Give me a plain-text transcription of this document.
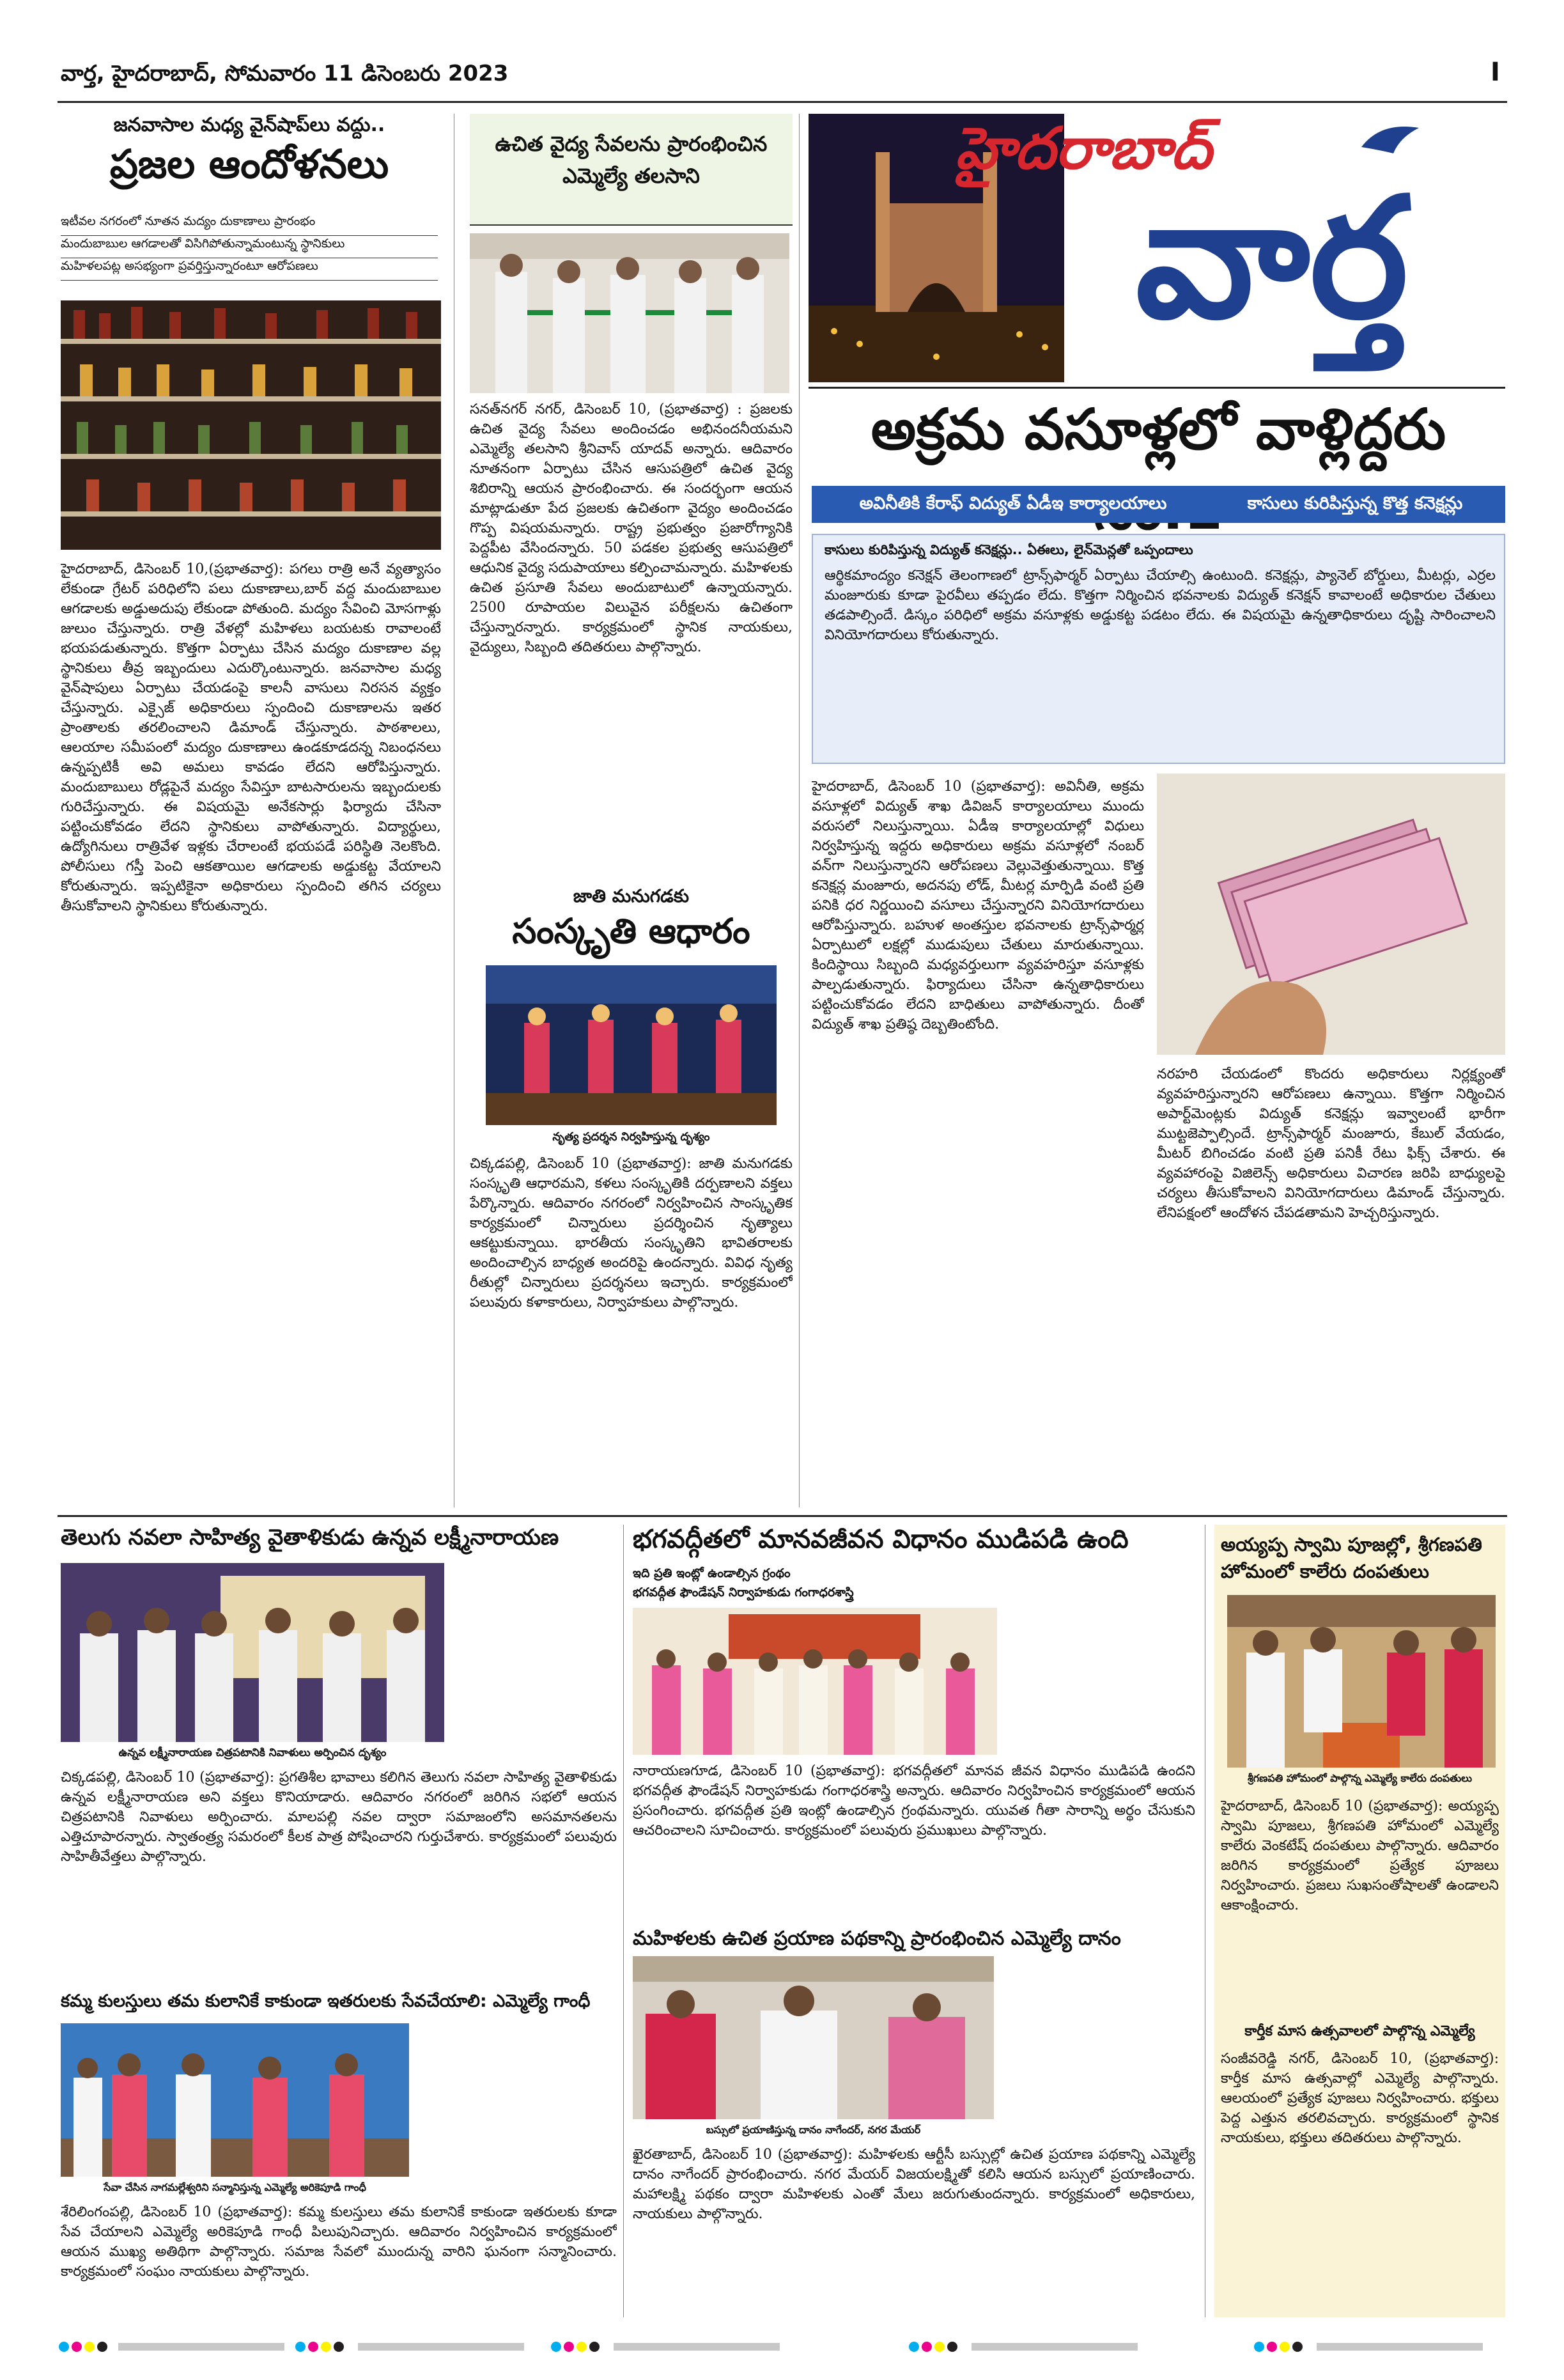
వార్త, హైదరాబాద్, సోమవారం 11 డిసెంబరు 2023	I
జనవాసాల మధ్య వైన్‌షాప్‌లు వద్దు..
ప్రజల ఆందోళనలు
ఇటీవల నగరంలో నూతన మద్యం దుకాణాలు ప్రారంభం
మందుబాబుల ఆగడాలతో విసిగిపోతున్నామంటున్న స్థానికులు
మహిళలపట్ల అసభ్యంగా ప్రవర్తిస్తున్నారంటూ ఆరోపణలు
హైదరాబాద్, డిసెంబర్ 10,(ప్రభాతవార్త): పగలు రాత్రి అనే వ్యత్యాసం లేకుండా గ్రేటర్ పరిధిలోని పలు దుకాణాలు,బార్ వద్ద మందుబాబుల ఆగడాలకు అడ్డుఅదుపు లేకుండా పోతుంది. మద్యం సేవించి మోసగాళ్లు జులుం చేస్తున్నారు. రాత్రి వేళల్లో మహిళలు బయటకు రావాలంటే భయపడుతున్నారు. కొత్తగా ఏర్పాటు చేసిన మద్యం దుకాణాల వల్ల స్థానికులు తీవ్ర ఇబ్బందులు ఎదుర్కొంటున్నారు. జనవాసాల మధ్య వైన్‌షాపులు ఏర్పాటు చేయడంపై కాలనీ వాసులు నిరసన వ్యక్తం చేస్తున్నారు. ఎక్సైజ్ అధికారులు స్పందించి దుకాణాలను ఇతర ప్రాంతాలకు తరలించాలని డిమాండ్ చేస్తున్నారు. పాఠశాలలు, ఆలయాల సమీపంలో మద్యం దుకాణాలు ఉండకూడదన్న నిబంధనలు ఉన్నప్పటికీ అవి అమలు కావడం లేదని ఆరోపిస్తున్నారు. మందుబాబులు రోడ్లపైనే మద్యం సేవిస్తూ బాటసారులను ఇబ్బందులకు గురిచేస్తున్నారు. ఈ విషయమై అనేకసార్లు ఫిర్యాదు చేసినా పట్టించుకోవడం లేదని స్థానికులు వాపోతున్నారు. విద్యార్థులు, ఉద్యోగినులు రాత్రివేళ ఇళ్లకు చేరాలంటే భయపడే పరిస్థితి నెలకొంది. పోలీసులు గస్తీ పెంచి ఆకతాయిల ఆగడాలకు అడ్డుకట్ట వేయాలని కోరుతున్నారు. ఇప్పటికైనా అధికారులు స్పందించి తగిన చర్యలు తీసుకోవాలని స్థానికులు కోరుతున్నారు.
ఉచిత వైద్య సేవలను ప్రారంభించిన ఎమ్మెల్యే తలసాని
సనత్‌నగర్ నగర్, డిసెంబర్ 10, (ప్రభాతవార్త) : ప్రజలకు ఉచిత వైద్య సేవలు అందించడం అభినందనీయమని ఎమ్మెల్యే తలసాని శ్రీనివాస్ యాదవ్ అన్నారు. ఆదివారం నూతనంగా ఏర్పాటు చేసిన ఆసుపత్రిలో ఉచిత వైద్య శిబిరాన్ని ఆయన ప్రారంభించారు. ఈ సందర్భంగా ఆయన మాట్లాడుతూ పేద ప్రజలకు ఉచితంగా వైద్యం అందించడం గొప్ప విషయమన్నారు. రాష్ట్ర ప్రభుత్వం ప్రజారోగ్యానికి పెద్దపీట వేసిందన్నారు. 50 పడకల ప్రభుత్వ ఆసుపత్రిలో ఆధునిక వైద్య సదుపాయాలు కల్పించామన్నారు. మహిళలకు ఉచిత ప్రసూతి సేవలు అందుబాటులో ఉన్నాయన్నారు. 2500 రూపాయల విలువైన పరీక్షలను ఉచితంగా చేస్తున్నారన్నారు. కార్యక్రమంలో స్థానిక నాయకులు, వైద్యులు, సిబ్బంది తదితరులు పాల్గొన్నారు.
జాతి మనుగడకు
సంస్కృతి ఆధారం
నృత్య ప్రదర్శన నిర్వహిస్తున్న దృశ్యం
చిక్కడపల్లి, డిసెంబర్ 10 (ప్రభాతవార్త): జాతి మనుగడకు సంస్కృతి ఆధారమని, కళలు సంస్కృతికి దర్పణాలని వక్తలు పేర్కొన్నారు. ఆదివారం నగరంలో నిర్వహించిన సాంస్కృతిక కార్యక్రమంలో చిన్నారులు ప్రదర్శించిన నృత్యాలు ఆకట్టుకున్నాయి. భారతీయ సంస్కృతిని భావితరాలకు అందించాల్సిన బాధ్యత అందరిపై ఉందన్నారు. వివిధ నృత్య రీతుల్లో చిన్నారులు ప్రదర్శనలు ఇచ్చారు. కార్యక్రమంలో పలువురు కళాకారులు, నిర్వాహకులు పాల్గొన్నారు.
హైదరాబాద్
వార్త
అక్రమ వసూళ్లలో వాళ్లిద్దరు
అవినీతికి కేరాఫ్ విద్యుత్ ఏడీఇ కార్యాలయాలు	కాసులు కురిపిస్తున్న కొత్త కనెక్షన్లు
కాసులు కురిపిస్తున్న విద్యుత్ కనెక్షన్లు.. ఏఈలు, లైన్‌మెన్లతో ఒప్పందాలు
ఆర్థికమాంద్యం కనెక్షన్ తెలంగాణలో ట్రాన్స్‌ఫార్మర్ ఏర్పాటు చేయాల్సి ఉంటుంది. కనెక్షన్లు, ప్యానెల్ బోర్డులు, మీటర్లు, ఎర్రల మంజూరుకు కూడా పైరవీలు తప్పడం లేదు. కొత్తగా నిర్మించిన భవనాలకు విద్యుత్ కనెక్షన్ కావాలంటే అధికారుల చేతులు తడపాల్సిందే. డిస్కం పరిధిలో అక్రమ వసూళ్లకు అడ్డుకట్ట పడటం లేదు. ఈ విషయమై ఉన్నతాధికారులు దృష్టి సారించాలని వినియోగదారులు కోరుతున్నారు.
హైదరాబాద్, డిసెంబర్ 10 (ప్రభాతవార్త): అవినీతి, అక్రమ వసూళ్లలో విద్యుత్ శాఖ డివిజన్ కార్యాలయాలు ముందు వరుసలో నిలుస్తున్నాయి. ఏడీఇ కార్యాలయాల్లో విధులు నిర్వహిస్తున్న ఇద్దరు అధికారులు అక్రమ వసూళ్లలో నంబర్ వన్‌గా నిలుస్తున్నారని ఆరోపణలు వెల్లువెత్తుతున్నాయి. కొత్త కనెక్షన్ల మంజూరు, అదనపు లోడ్, మీటర్ల మార్పిడి వంటి ప్రతి పనికి ధర నిర్ణయించి వసూలు చేస్తున్నారని వినియోగదారులు ఆరోపిస్తున్నారు. బహుళ అంతస్తుల భవనాలకు ట్రాన్స్‌ఫార్మర్ల ఏర్పాటులో లక్షల్లో ముడుపులు చేతులు మారుతున్నాయి. కిందిస్థాయి సిబ్బంది మధ్యవర్తులుగా వ్యవహరిస్తూ వసూళ్లకు పాల్పడుతున్నారు. ఫిర్యాదులు చేసినా ఉన్నతాధికారులు పట్టించుకోవడం లేదని బాధితులు వాపోతున్నారు. దీంతో విద్యుత్ శాఖ ప్రతిష్ఠ దెబ్బతింటోంది.
నరహరి చేయడంలో కొందరు అధికారులు నిర్లక్ష్యంతో వ్యవహరిస్తున్నారని ఆరోపణలు ఉన్నాయి. కొత్తగా నిర్మించిన అపార్ట్‌మెంట్లకు విద్యుత్ కనెక్షన్లు ఇవ్వాలంటే భారీగా ముట్టజెప్పాల్సిందే. ట్రాన్స్‌ఫార్మర్ మంజూరు, కేబుల్ వేయడం, మీటర్ బిగించడం వంటి ప్రతి పనికీ రేటు ఫిక్స్ చేశారు. ఈ వ్యవహారంపై విజిలెన్స్ అధికారులు విచారణ జరిపి బాధ్యులపై చర్యలు తీసుకోవాలని వినియోగదారులు డిమాండ్ చేస్తున్నారు. లేనిపక్షంలో ఆందోళన చేపడతామని హెచ్చరిస్తున్నారు.
తెలుగు నవలా సాహిత్య వైతాళికుడు ఉన్నవ లక్ష్మీనారాయణ
ఉన్నవ లక్ష్మీనారాయణ చిత్రపటానికి నివాళులు అర్పించిన దృశ్యం
చిక్కడపల్లి, డిసెంబర్ 10 (ప్రభాతవార్త): ప్రగతిశీల భావాలు కలిగిన తెలుగు నవలా సాహిత్య వైతాళికుడు ఉన్నవ లక్ష్మీనారాయణ అని వక్తలు కొనియాడారు. ఆదివారం నగరంలో జరిగిన సభలో ఆయన చిత్రపటానికి నివాళులు అర్పించారు. మాలపల్లి నవల ద్వారా సమాజంలోని అసమానతలను ఎత్తిచూపారన్నారు. స్వాతంత్ర్య సమరంలో కీలక పాత్ర పోషించారని గుర్తుచేశారు. కార్యక్రమంలో పలువురు సాహితీవేత్తలు పాల్గొన్నారు.
కమ్మ కులస్తులు తమ కులానికే కాకుండా ఇతరులకు సేవచేయాలి: ఎమ్మెల్యే గాంధీ
సేవా చేసిన నాగమల్లేశ్వరిని సన్మానిస్తున్న ఎమ్మెల్యే అరికెపూడి గాంధీ
శేరిలింగంపల్లి, డిసెంబర్ 10 (ప్రభాతవార్త): కమ్మ కులస్తులు తమ కులానికే కాకుండా ఇతరులకు కూడా సేవ చేయాలని ఎమ్మెల్యే అరికెపూడి గాంధీ పిలుపునిచ్చారు. ఆదివారం నిర్వహించిన కార్యక్రమంలో ఆయన ముఖ్య అతిథిగా పాల్గొన్నారు. సమాజ సేవలో ముందున్న వారిని ఘనంగా సన్మానించారు. కార్యక్రమంలో సంఘం నాయకులు పాల్గొన్నారు.
భగవద్గీతలో మానవజీవన విధానం ముడిపడి ఉంది
ఇది ప్రతి ఇంట్లో ఉండాల్సిన గ్రంథం
భగవద్గీత ఫౌండేషన్ నిర్వాహకుడు గంగాధరశాస్త్రి
నారాయణగూడ, డిసెంబర్ 10 (ప్రభాతవార్త): భగవద్గీతలో మానవ జీవన విధానం ముడిపడి ఉందని భగవద్గీత ఫౌండేషన్ నిర్వాహకుడు గంగాధరశాస్త్రి అన్నారు. ఆదివారం నిర్వహించిన కార్యక్రమంలో ఆయన ప్రసంగించారు. భగవద్గీత ప్రతి ఇంట్లో ఉండాల్సిన గ్రంథమన్నారు. యువత గీతా సారాన్ని అర్థం చేసుకుని ఆచరించాలని సూచించారు. కార్యక్రమంలో పలువురు ప్రముఖులు పాల్గొన్నారు.
మహిళలకు ఉచిత ప్రయాణ పథకాన్ని ప్రారంభించిన ఎమ్మెల్యే దానం
బస్సులో ప్రయాణిస్తున్న దానం నాగేందర్, నగర మేయర్
ఖైరతాబాద్, డిసెంబర్ 10 (ప్రభాతవార్త): మహిళలకు ఆర్టీసీ బస్సుల్లో ఉచిత ప్రయాణ పథకాన్ని ఎమ్మెల్యే దానం నాగేందర్ ప్రారంభించారు. నగర మేయర్ విజయలక్ష్మితో కలిసి ఆయన బస్సులో ప్రయాణించారు. మహాలక్ష్మి పథకం ద్వారా మహిళలకు ఎంతో మేలు జరుగుతుందన్నారు. కార్యక్రమంలో అధికారులు, నాయకులు పాల్గొన్నారు.
అయ్యప్ప స్వామి పూజల్లో, శ్రీగణపతి హోమంలో కాలేరు దంపతులు
శ్రీగణపతి హోమంలో పాల్గొన్న ఎమ్మెల్యే కాలేరు దంపతులు
హైదరాబాద్, డిసెంబర్ 10 (ప్రభాతవార్త): అయ్యప్ప స్వామి పూజలు, శ్రీగణపతి హోమంలో ఎమ్మెల్యే కాలేరు వెంకటేష్ దంపతులు పాల్గొన్నారు. ఆదివారం జరిగిన కార్యక్రమంలో ప్రత్యేక పూజలు నిర్వహించారు. ప్రజలు సుఖసంతోషాలతో ఉండాలని ఆకాంక్షించారు.
కార్తీక మాస ఉత్సవాలలో పాల్గొన్న ఎమ్మెల్యే
సంజీవరెడ్డి నగర్, డిసెంబర్ 10, (ప్రభాతవార్త): కార్తీక మాస ఉత్సవాల్లో ఎమ్మెల్యే పాల్గొన్నారు. ఆలయంలో ప్రత్యేక పూజలు నిర్వహించారు. భక్తులు పెద్ద ఎత్తున తరలివచ్చారు. కార్యక్రమంలో స్థానిక నాయకులు, భక్తులు తదితరులు పాల్గొన్నారు.
